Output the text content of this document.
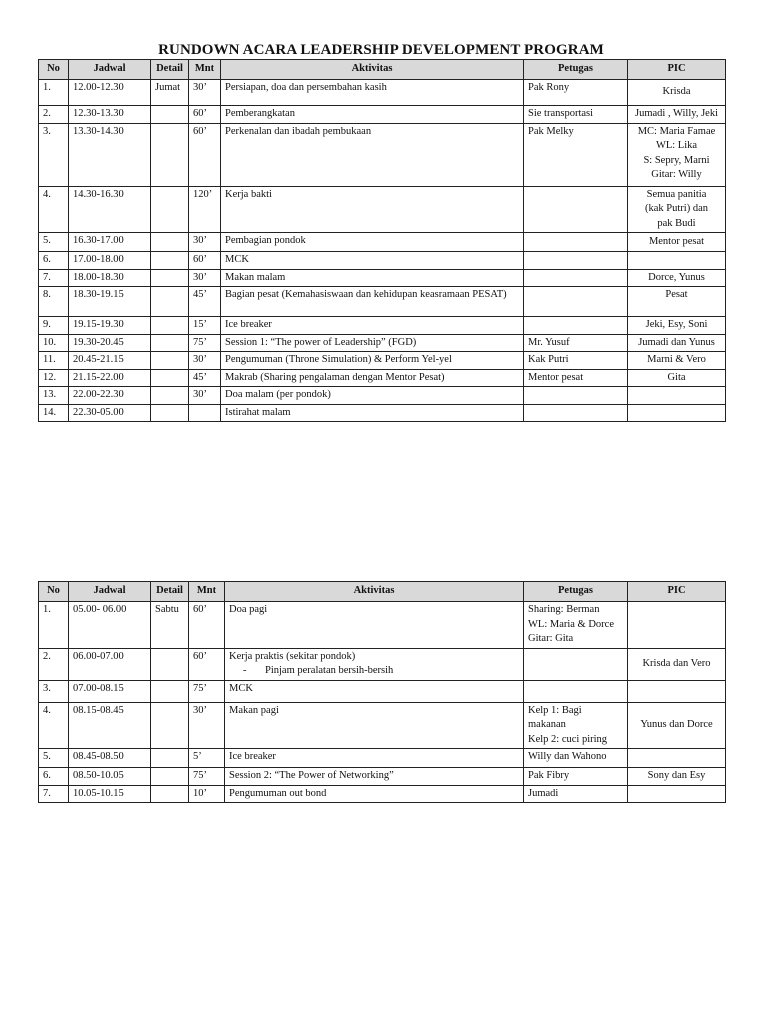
RUNDOWN ACARA LEADERSHIP DEVELOPMENT PROGRAM
No	Jadwal	Detail	Mnt	Aktivitas	Petugas	PIC
1.	12.00-12.30	Jumat	30’	Persiapan, doa dan persembahan kasih	Pak Rony	Krisda
2.	12.30-13.30		60’	Pemberangkatan	Sie transportasi	Jumadi , Willy, Jeki
3.	13.30-14.30		60’	Perkenalan dan ibadah pembukaan	Pak Melky	MC: Maria Famae
WL: Lika
S: Sepry, Marni
Gitar: Willy
4.	14.30-16.30		120’	Kerja bakti		Semua panitia
(kak Putri) dan
pak Budi
5.	16.30-17.00		30’	Pembagian pondok		Mentor pesat
6.	17.00-18.00		60’	MCK		
7.	18.00-18.30		30’	Makan malam		Dorce, Yunus
8.	18.30-19.15		45’	Bagian pesat (Kemahasiswaan dan kehidupan keasramaan PESAT)		Pesat
9.	19.15-19.30		15’	Ice breaker		Jeki, Esy, Soni
10.	19.30-20.45		75’	Session 1: “The power of Leadership” (FGD)	Mr. Yusuf	Jumadi dan Yunus
11.	20.45-21.15		30’	Pengumuman (Throne Simulation) & Perform Yel-yel	Kak Putri	Marni & Vero
12.	21.15-22.00		45’	Makrab (Sharing pengalaman dengan Mentor Pesat)	Mentor pesat	Gita
13.	22.00-22.30		30’	Doa malam (per pondok)		
14.	22.30-05.00			Istirahat malam		
No	Jadwal	Detail	Mnt	Aktivitas	Petugas	PIC
1.	05.00- 06.00	Sabtu	60’	Doa pagi	Sharing: Berman
WL: Maria & Dorce
Gitar: Gita	
2.	06.00-07.00		60’	Kerja praktis (sekitar pondok)
- Pinjam peralatan bersih-bersih		Krisda dan Vero
3.	07.00-08.15		75’	MCK		
4.	08.15-08.45		30’	Makan pagi	Kelp 1: Bagi
makanan
Kelp 2: cuci piring	Yunus dan Dorce
5.	08.45-08.50		5’	Ice breaker	Willy dan Wahono	
6.	08.50-10.05		75’	Session 2: “The Power of Networking”	Pak Fibry	Sony dan Esy
7.	10.05-10.15		10’	Pengumuman out bond	Jumadi	
